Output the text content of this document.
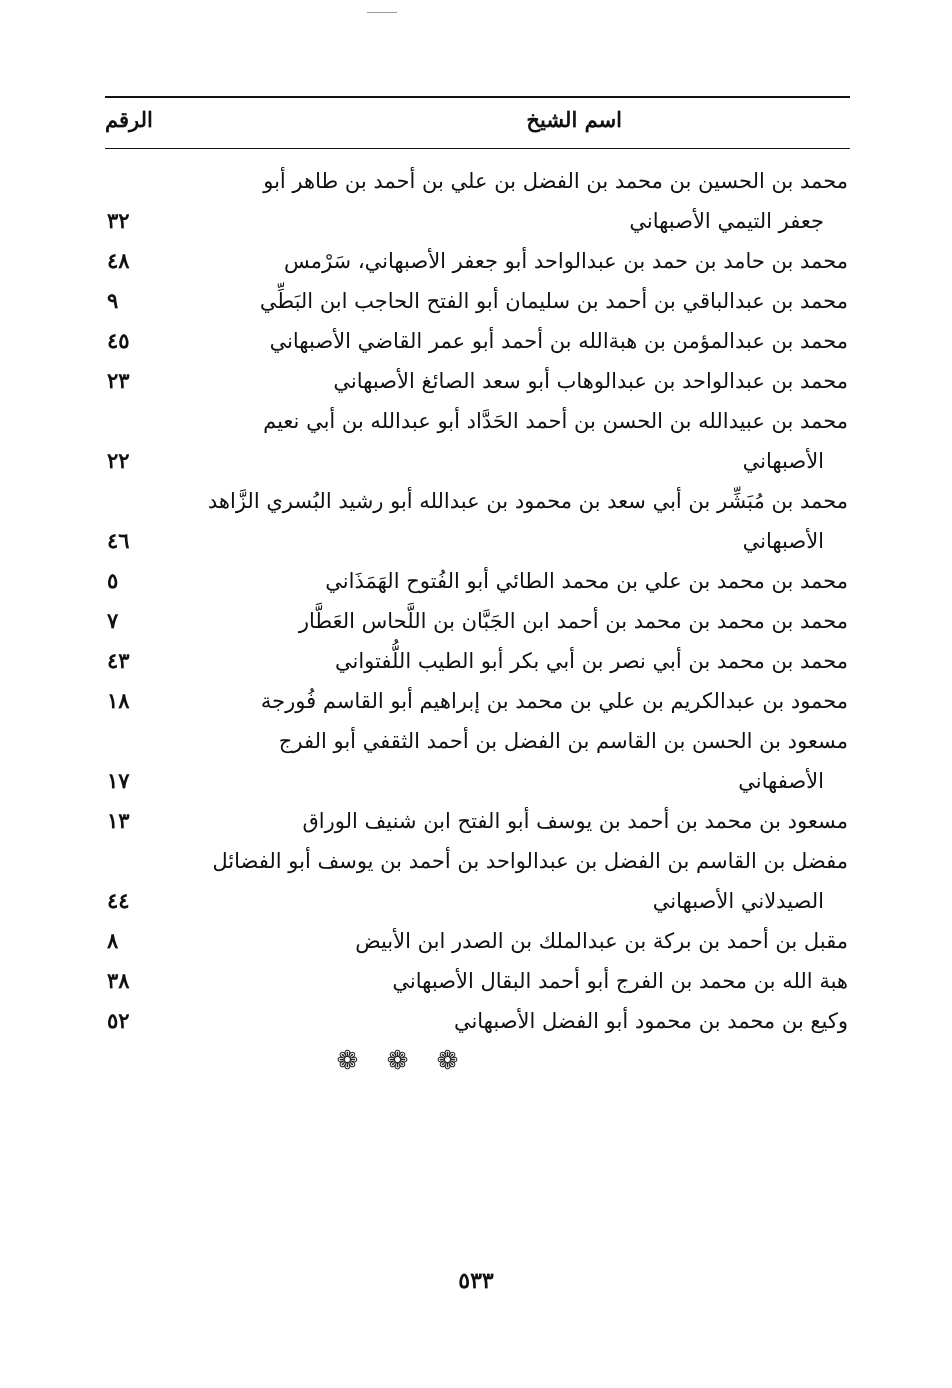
اسم الشيخ
الرقم
محمد بن الحسين بن محمد بن الفضل بن علي بن أحمد بن طاهر أبو
جعفر التيمي الأصبهاني
٣٢
محمد بن حامد بن حمد بن عبدالواحد أبو جعفر الأصبهاني، سَرْمس
٤٨
محمد بن عبدالباقي بن أحمد بن سليمان أبو الفتح الحاجب ابن البَطِّي
٩
محمد بن عبدالمؤمن بن هبةالله بن أحمد أبو عمر القاضي الأصبهاني
٤٥
محمد بن عبدالواحد بن عبدالوهاب أبو سعد الصائغ الأصبهاني
٢٣
محمد بن عبيدالله بن الحسن بن أحمد الحَدَّاد أبو عبدالله بن أبي نعيم
الأصبهاني
٢٢
محمد بن مُبَشِّر بن أبي سعد بن محمود بن عبدالله أبو رشيد البُسري الزَّاهد
الأصبهاني
٤٦
محمد بن محمد بن علي بن محمد الطائي أبو الفُتوح الهَمَذَاني
٥
محمد بن محمد بن محمد بن أحمد ابن الجَبَّان بن اللَّحاس العَطَّار
٧
محمد بن محمد بن أبي نصر بن أبي بكر أبو الطيب اللُّفتواني
٤٣
محمود بن عبدالكريم بن علي بن محمد بن إبراهيم أبو القاسم فُورجة
١٨
مسعود بن الحسن بن القاسم بن الفضل بن أحمد الثقفي أبو الفرج
الأصفهاني
١٧
مسعود بن محمد بن أحمد بن يوسف أبو الفتح ابن شنيف الوراق
١٣
مفضل بن القاسم بن الفضل بن عبدالواحد بن أحمد بن يوسف أبو الفضائل
الصيدلاني الأصبهاني
٤٤
مقبل بن أحمد بن بركة بن عبدالملك بن الصدر ابن الأبيض
٨
هبة الله بن محمد بن الفرج أبو أحمد البقال الأصبهاني
٣٨
وكيع بن محمد بن محمود أبو الفضل الأصبهاني
٥٢
❁ ❁ ❁
٥٣٣
